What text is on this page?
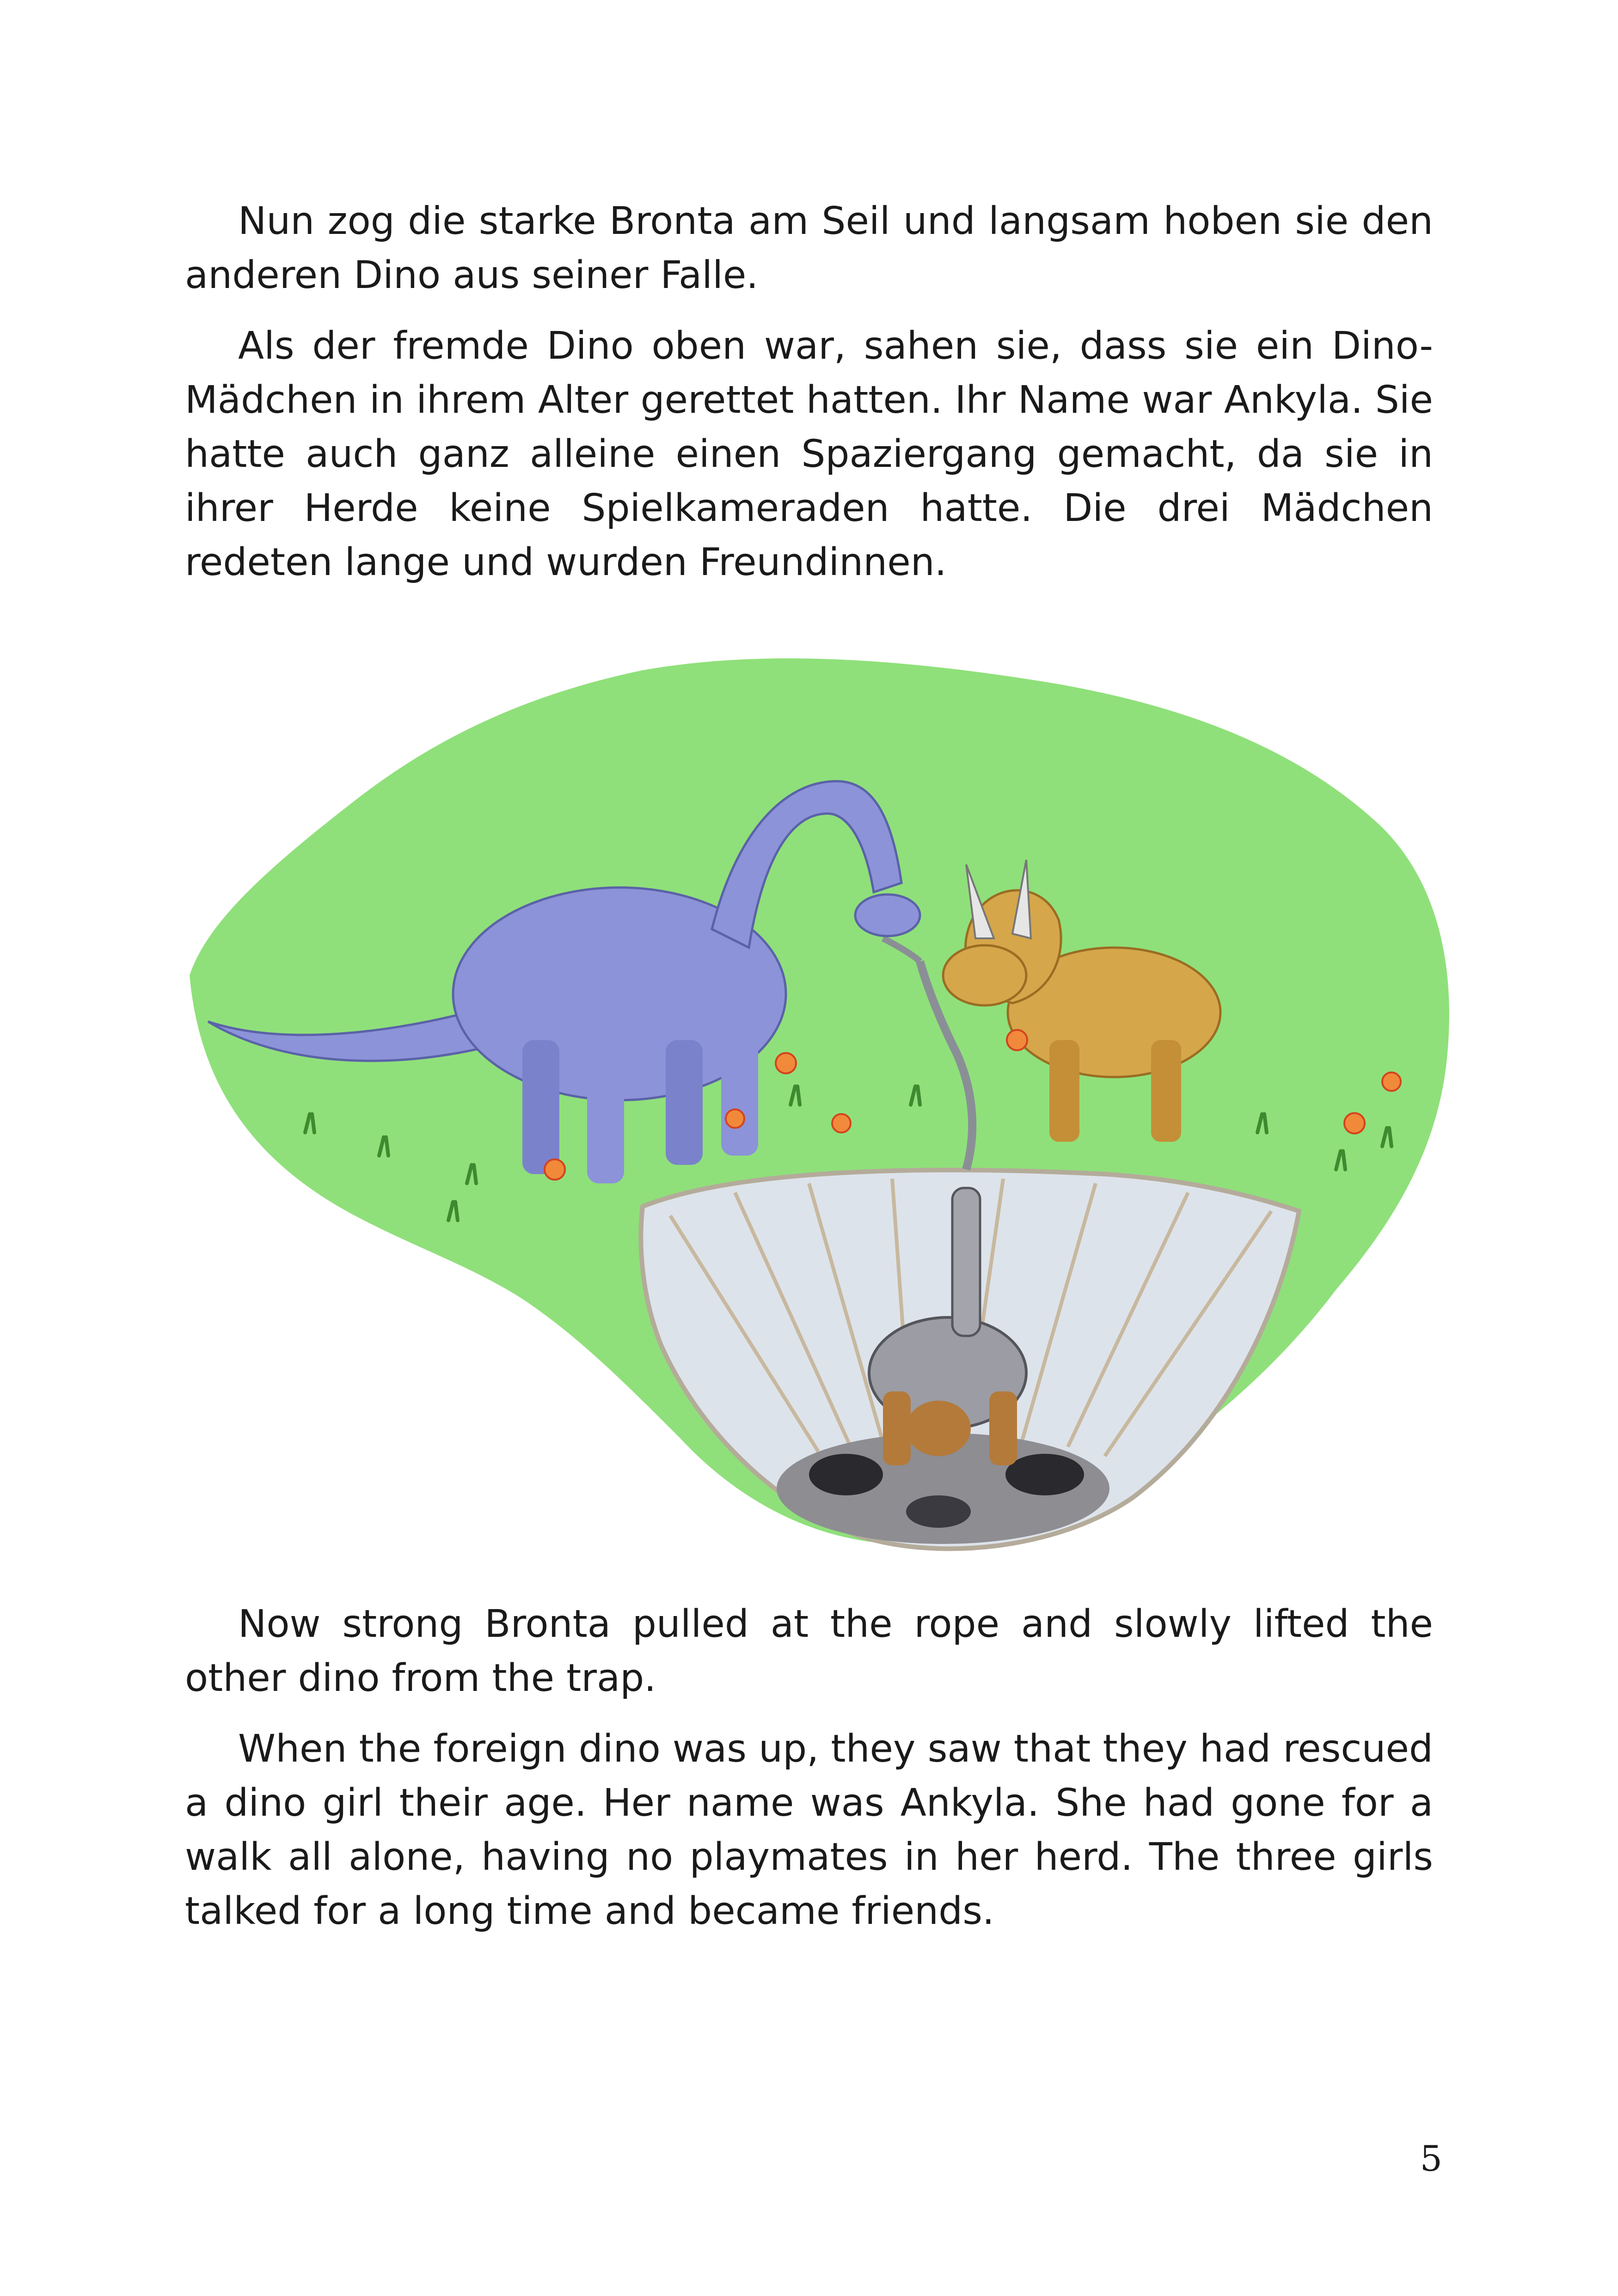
Nun zog die starke Bronta am Seil und langsam hoben sie den anderen Dino aus seiner Falle.

Als der fremde Dino oben war, sahen sie, dass sie ein Dino-Mädchen in ihrem Alter gerettet hatten. Ihr Name war Ankyla. Sie hatte auch ganz alleine einen Spaziergang gemacht, da sie in ihrer Herde keine Spielkameraden hatte. Die drei Mädchen redeten lange und wurden Freundinnen.

Now strong Bronta pulled at the rope and slowly lifted the other dino from the trap.

When the foreign dino was up, they saw that they had rescued a dino girl their age. Her name was Ankyla. She had gone for a walk all alone, having no playmates in her herd. The three girls talked for a long time and became friends.

5
